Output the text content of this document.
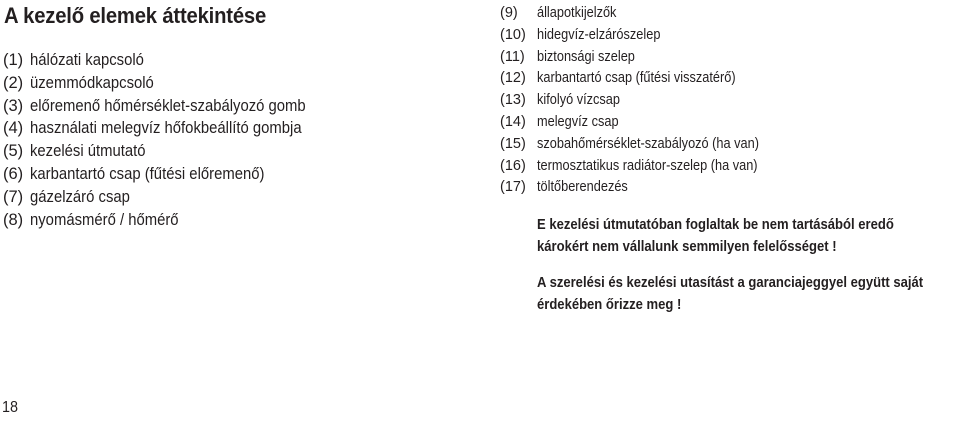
A kezelő elemek áttekintése
(1) hálózati kapcsoló
(2) üzemmódkapcsoló
(3) előremenő hőmérséklet-szabályozó gomb
(4) használati melegvíz hőfokbeállító gombja
(5) kezelési útmutató
(6) karbantartó csap (fűtési előremenő)
(7) gázelzáró csap
(8) nyomásmérő / hőmérő
(9)	állapotkijelzők
(10) hidegvíz-elzárószelep
(11) biztonsági szelep
(12) karbantartó csap (fűtési visszatérő)
(13) kifolyó vízcsap
(14) melegvíz csap
(15) szobahőmérséklet-szabályozó (ha van)
(16) termosztatikus radiátor-szelep (ha van)
(17) töltőberendezés

E kezelési útmutatóban foglaltak be nem tartásából eredő károkért nem vállalunk semmilyen felelősséget !

A szerelési és kezelési utasítást a garanciajeggyel együtt saját érdekében őrizze meg !

18
